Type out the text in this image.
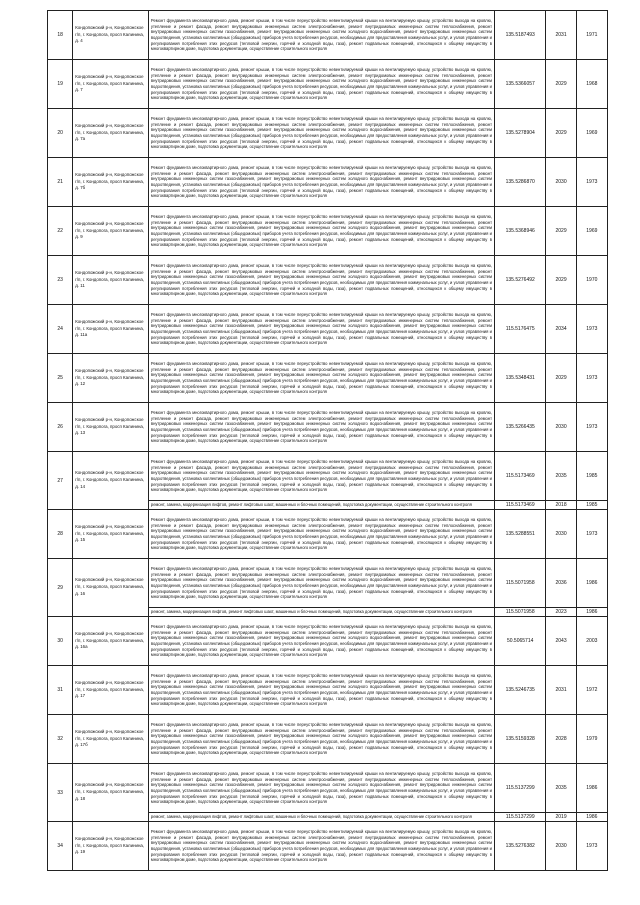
18	Кондопожский р-н, Кондопожское г/п, г. Кондопога, просп Калинина, д. 4	Ремонт фундамента многоквартирного дома, ремонт крыши, в том числе переустройство невентилируемой крыши на вентилируемую крышу, устройство выхода на кровлю, утепление и ремонт фасада, ремонт внутридомовых инженерных систем электроснабжения, ремонт внутридомовых инженерных систем теплоснабжения, ремонт внутридомовых инженерных систем газоснабжения, ремонт внутридомовых инженерных систем холодного водоснабжения, ремонт внутридомовых инженерных систем водоотведения, установка коллективных (общедомовых) приборов учета потребления ресурсов, необходимых для предоставления коммунальных услуг, и узлов управления и регулирования потребления этих ресурсов (тепловой энергии, горячей и холодной воды, газа), ремонт подвальных помещений, относящихся к общему имуществу в многоквартирном доме, подготовка документации, осуществление строительного контроля	135.5187493	2031	1971

19	Кондопожский р-н, Кондопожское г/п, г. Кондопога, просп Калинина, д. 7	Ремонт фундамента многоквартирного дома, ремонт крыши, в том числе переустройство невентилируемой крыши на вентилируемую крышу, устройство выхода на кровлю, утепление и ремонт фасада, ремонт внутридомовых инженерных систем электроснабжения, ремонт внутридомовых инженерных систем теплоснабжения, ремонт внутридомовых инженерных систем газоснабжения, ремонт внутридомовых инженерных систем холодного водоснабжения, ремонт внутридомовых инженерных систем водоотведения, установка коллективных (общедомовых) приборов учета потребления ресурсов, необходимых для предоставления коммунальных услуг, и узлов управления и регулирования потребления этих ресурсов (тепловой энергии, горячей и холодной воды, газа), ремонт подвальных помещений, относящихся к общему имуществу в многоквартирном доме, подготовка документации, осуществление строительного контроля	135.5366057	2029	1968

20	Кондопожский р-н, Кондопожское г/п, г. Кондопога, просп Калинина, д. 7а	Ремонт фундамента многоквартирного дома, ремонт крыши, в том числе переустройство невентилируемой крыши на вентилируемую крышу, устройство выхода на кровлю, утепление и ремонт фасада, ремонт внутридомовых инженерных систем электроснабжения, ремонт внутридомовых инженерных систем теплоснабжения, ремонт внутридомовых инженерных систем газоснабжения, ремонт внутридомовых инженерных систем холодного водоснабжения, ремонт внутридомовых инженерных систем водоотведения, установка коллективных (общедомовых) приборов учета потребления ресурсов, необходимых для предоставления коммунальных услуг, и узлов управления и регулирования потребления этих ресурсов (тепловой энергии, горячей и холодной воды, газа), ремонт подвальных помещений, относящихся к общему имуществу в многоквартирном доме, подготовка документации, осуществление строительного контроля	135.5278904	2029	1969

21	Кондопожский р-н, Кондопожское г/п, г. Кондопога, просп Калинина, д. 7б	Ремонт фундамента многоквартирного дома, ремонт крыши, в том числе переустройство невентилируемой крыши на вентилируемую крышу, устройство выхода на кровлю, утепление и ремонт фасада, ремонт внутридомовых инженерных систем электроснабжения, ремонт внутридомовых инженерных систем теплоснабжения, ремонт внутридомовых инженерных систем газоснабжения, ремонт внутридомовых инженерных систем холодного водоснабжения, ремонт внутридомовых инженерных систем водоотведения, установка коллективных (общедомовых) приборов учета потребления ресурсов, необходимых для предоставления коммунальных услуг, и узлов управления и регулирования потребления этих ресурсов (тепловой энергии, горячей и холодной воды, газа), ремонт подвальных помещений, относящихся к общему имуществу в многоквартирном доме, подготовка документации, осуществление строительного контроля	135.5286870	2030	1973

22	Кондопожский р-н, Кондопожское г/п, г. Кондопога, просп Калинина, д. 9	Ремонт фундамента многоквартирного дома, ремонт крыши, в том числе переустройство невентилируемой крыши на вентилируемую крышу, устройство выхода на кровлю, утепление и ремонт фасада, ремонт внутридомовых инженерных систем электроснабжения, ремонт внутридомовых инженерных систем теплоснабжения, ремонт внутридомовых инженерных систем газоснабжения, ремонт внутридомовых инженерных систем холодного водоснабжения, ремонт внутридомовых инженерных систем водоотведения, установка коллективных (общедомовых) приборов учета потребления ресурсов, необходимых для предоставления коммунальных услуг, и узлов управления и регулирования потребления этих ресурсов (тепловой энергии, горячей и холодной воды, газа), ремонт подвальных помещений, относящихся к общему имуществу в многоквартирном доме, подготовка документации, осуществление строительного контроля	135.5368946	2029	1969

23	Кондопожский р-н, Кондопожское г/п, г. Кондопога, просп Калинина, д. 11	Ремонт фундамента многоквартирного дома, ремонт крыши, в том числе переустройство невентилируемой крыши на вентилируемую крышу, устройство выхода на кровлю, утепление и ремонт фасада, ремонт внутридомовых инженерных систем электроснабжения, ремонт внутридомовых инженерных систем теплоснабжения, ремонт внутридомовых инженерных систем газоснабжения, ремонт внутридомовых инженерных систем холодного водоснабжения, ремонт внутридомовых инженерных систем водоотведения, установка коллективных (общедомовых) приборов учета потребления ресурсов, необходимых для предоставления коммунальных услуг, и узлов управления и регулирования потребления этих ресурсов (тепловой энергии, горячей и холодной воды, газа), ремонт подвальных помещений, относящихся к общему имуществу в многоквартирном доме, подготовка документации, осуществление строительного контроля	135.5276492	2029	1970

24	Кондопожский р-н, Кондопожское г/п, г. Кондопога, просп Калинина, д. 11а	Ремонт фундамента многоквартирного дома, ремонт крыши, в том числе переустройство невентилируемой крыши на вентилируемую крышу, устройство выхода на кровлю, утепление и ремонт фасада, ремонт внутридомовых инженерных систем электроснабжения, ремонт внутридомовых инженерных систем теплоснабжения, ремонт внутридомовых инженерных систем газоснабжения, ремонт внутридомовых инженерных систем холодного водоснабжения, ремонт внутридомовых инженерных систем водоотведения, установка коллективных (общедомовых) приборов учета потребления ресурсов, необходимых для предоставления коммунальных услуг, и узлов управления и регулирования потребления этих ресурсов (тепловой энергии, горячей и холодной воды, газа), ремонт подвальных помещений, относящихся к общему имуществу в многоквартирном доме, подготовка документации, осуществление строительного контроля	115.5176475	2034	1973

25	Кондопожский р-н, Кондопожское г/п, г. Кондопога, просп Калинина, д. 12	Ремонт фундамента многоквартирного дома, ремонт крыши, в том числе переустройство невентилируемой крыши на вентилируемую крышу, устройство выхода на кровлю, утепление и ремонт фасада, ремонт внутридомовых инженерных систем электроснабжения, ремонт внутридомовых инженерных систем теплоснабжения, ремонт внутридомовых инженерных систем газоснабжения, ремонт внутридомовых инженерных систем холодного водоснабжения, ремонт внутридомовых инженерных систем водоотведения, установка коллективных (общедомовых) приборов учета потребления ресурсов, необходимых для предоставления коммунальных услуг, и узлов управления и регулирования потребления этих ресурсов (тепловой энергии, горячей и холодной воды, газа), ремонт подвальных помещений, относящихся к общему имуществу в многоквартирном доме, подготовка документации, осуществление строительного контроля	135.5348431	2029	1973

26	Кондопожский р-н, Кондопожское г/п, г. Кондопога, просп Калинина, д. 13	Ремонт фундамента многоквартирного дома, ремонт крыши, в том числе переустройство невентилируемой крыши на вентилируемую крышу, устройство выхода на кровлю, утепление и ремонт фасада, ремонт внутридомовых инженерных систем электроснабжения, ремонт внутридомовых инженерных систем теплоснабжения, ремонт внутридомовых инженерных систем газоснабжения, ремонт внутридомовых инженерных систем холодного водоснабжения, ремонт внутридомовых инженерных систем водоотведения, установка коллективных (общедомовых) приборов учета потребления ресурсов, необходимых для предоставления коммунальных услуг, и узлов управления и регулирования потребления этих ресурсов (тепловой энергии, горячей и холодной воды, газа), ремонт подвальных помещений, относящихся к общему имуществу в многоквартирном доме, подготовка документации, осуществление строительного контроля	135.5266435	2030	1973

27	Кондопожский р-н, Кондопожское г/п, г. Кондопога, просп Калинина, д. 14	Ремонт фундамента многоквартирного дома, ремонт крыши, в том числе переустройство невентилируемой крыши на вентилируемую крышу, устройство выхода на кровлю, утепление и ремонт фасада, ремонт внутридомовых инженерных систем электроснабжения, ремонт внутридомовых инженерных систем теплоснабжения, ремонт внутридомовых инженерных систем газоснабжения, ремонт внутридомовых инженерных систем холодного водоснабжения, ремонт внутридомовых инженерных систем водоотведения, установка коллективных (общедомовых) приборов учета потребления ресурсов, необходимых для предоставления коммунальных услуг, и узлов управления и регулирования потребления этих ресурсов (тепловой энергии, горячей и холодной воды, газа), ремонт подвальных помещений, относящихся к общему имуществу в многоквартирном доме, подготовка документации, осуществление строительного контроля	115.5173469	2035	1985

		ремонт, замена, модернизация лифтов, ремонт лифтовых шахт, машинных и блочных помещений, подготовка документации, осуществление строительного контроля	115.5173469	2018	1985

28	Кондопожский р-н, Кондопожское г/п, г. Кондопога, просп Калинина, д. 15	Ремонт фундамента многоквартирного дома, ремонт крыши, в том числе переустройство невентилируемой крыши на вентилируемую крышу, устройство выхода на кровлю, утепление и ремонт фасада, ремонт внутридомовых инженерных систем электроснабжения, ремонт внутридомовых инженерных систем теплоснабжения, ремонт внутридомовых инженерных систем газоснабжения, ремонт внутридомовых инженерных систем холодного водоснабжения, ремонт внутридомовых инженерных систем водоотведения, установка коллективных (общедомовых) приборов учета потребления ресурсов, необходимых для предоставления коммунальных услуг, и узлов управления и регулирования потребления этих ресурсов (тепловой энергии, горячей и холодной воды, газа), ремонт подвальных помещений, относящихся к общему имуществу в многоквартирном доме, подготовка документации, осуществление строительного контроля	135.5288551	2030	1973

29	Кондопожский р-н, Кондопожское г/п, г. Кондопога, просп Калинина, д. 16	Ремонт фундамента многоквартирного дома, ремонт крыши, в том числе переустройство невентилируемой крыши на вентилируемую крышу, устройство выхода на кровлю, утепление и ремонт фасада, ремонт внутридомовых инженерных систем электроснабжения, ремонт внутридомовых инженерных систем теплоснабжения, ремонт внутридомовых инженерных систем газоснабжения, ремонт внутридомовых инженерных систем холодного водоснабжения, ремонт внутридомовых инженерных систем водоотведения, установка коллективных (общедомовых) приборов учета потребления ресурсов, необходимых для предоставления коммунальных услуг, и узлов управления и регулирования потребления этих ресурсов (тепловой энергии, горячей и холодной воды, газа), ремонт подвальных помещений, относящихся к общему имуществу в многоквартирном доме, подготовка документации, осуществление строительного контроля	115.5071958	2036	1986

		ремонт, замена, модернизация лифтов, ремонт лифтовых шахт, машинных и блочных помещений, подготовка документации, осуществление строительного контроля	115.5071958	2023	1986

30	Кондопожский р-н, Кондопожское г/п, г. Кондопога, просп Калинина, д. 16а	Ремонт фундамента многоквартирного дома, ремонт крыши, в том числе переустройство невентилируемой крыши на вентилируемую крышу, устройство выхода на кровлю, утепление и ремонт фасада, ремонт внутридомовых инженерных систем электроснабжения, ремонт внутридомовых инженерных систем теплоснабжения, ремонт внутридомовых инженерных систем газоснабжения, ремонт внутридомовых инженерных систем холодного водоснабжения, ремонт внутридомовых инженерных систем водоотведения, установка коллективных (общедомовых) приборов учета потребления ресурсов, необходимых для предоставления коммунальных услуг, и узлов управления и регулирования потребления этих ресурсов (тепловой энергии, горячей и холодной воды, газа), ремонт подвальных помещений, относящихся к общему имуществу в многоквартирном доме, подготовка документации, осуществление строительного контроля	50.5065714	2043	2003

31	Кондопожский р-н, Кондопожское г/п, г. Кондопога, просп Калинина, д. 17	Ремонт фундамента многоквартирного дома, ремонт крыши, в том числе переустройство невентилируемой крыши на вентилируемую крышу, устройство выхода на кровлю, утепление и ремонт фасада, ремонт внутридомовых инженерных систем электроснабжения, ремонт внутридомовых инженерных систем теплоснабжения, ремонт внутридомовых инженерных систем газоснабжения, ремонт внутридомовых инженерных систем холодного водоснабжения, ремонт внутридомовых инженерных систем водоотведения, установка коллективных (общедомовых) приборов учета потребления ресурсов, необходимых для предоставления коммунальных услуг, и узлов управления и регулирования потребления этих ресурсов (тепловой энергии, горячей и холодной воды, газа), ремонт подвальных помещений, относящихся к общему имуществу в многоквартирном доме, подготовка документации, осуществление строительного контроля	135.5246735	2031	1972

32	Кондопожский р-н, Кондопожское г/п, г. Кондопога, просп Калинина, д. 17б	Ремонт фундамента многоквартирного дома, ремонт крыши, в том числе переустройство невентилируемой крыши на вентилируемую крышу, устройство выхода на кровлю, утепление и ремонт фасада, ремонт внутридомовых инженерных систем электроснабжения, ремонт внутридомовых инженерных систем теплоснабжения, ремонт внутридомовых инженерных систем газоснабжения, ремонт внутридомовых инженерных систем холодного водоснабжения, ремонт внутридомовых инженерных систем водоотведения, установка коллективных (общедомовых) приборов учета потребления ресурсов, необходимых для предоставления коммунальных услуг, и узлов управления и регулирования потребления этих ресурсов (тепловой энергии, горячей и холодной воды, газа), ремонт подвальных помещений, относящихся к общему имуществу в многоквартирном доме, подготовка документации, осуществление строительного контроля	135.5159328	2028	1979

33	Кондопожский р-н, Кондопожское г/п, г. Кондопога, просп Калинина, д. 18	Ремонт фундамента многоквартирного дома, ремонт крыши, в том числе переустройство невентилируемой крыши на вентилируемую крышу, устройство выхода на кровлю, утепление и ремонт фасада, ремонт внутридомовых инженерных систем электроснабжения, ремонт внутридомовых инженерных систем теплоснабжения, ремонт внутридомовых инженерных систем газоснабжения, ремонт внутридомовых инженерных систем холодного водоснабжения, ремонт внутридомовых инженерных систем водоотведения, установка коллективных (общедомовых) приборов учета потребления ресурсов, необходимых для предоставления коммунальных услуг, и узлов управления и регулирования потребления этих ресурсов (тепловой энергии, горячей и холодной воды, газа), ремонт подвальных помещений, относящихся к общему имуществу в многоквартирном доме, подготовка документации, осуществление строительного контроля	115.5137299	2035	1986

		ремонт, замена, модернизация лифтов, ремонт лифтовых шахт, машинных и блочных помещений, подготовка документации, осуществление строительного контроля	115.5137299	2019	1986

34	Кондопожский р-н, Кондопожское г/п, г. Кондопога, просп Калинина, д. 19	Ремонт фундамента многоквартирного дома, ремонт крыши, в том числе переустройство невентилируемой крыши на вентилируемую крышу, устройство выхода на кровлю, утепление и ремонт фасада, ремонт внутридомовых инженерных систем электроснабжения, ремонт внутридомовых инженерных систем теплоснабжения, ремонт внутридомовых инженерных систем газоснабжения, ремонт внутридомовых инженерных систем холодного водоснабжения, ремонт внутридомовых инженерных систем водоотведения, установка коллективных (общедомовых) приборов учета потребления ресурсов, необходимых для предоставления коммунальных услуг, и узлов управления и регулирования потребления этих ресурсов (тепловой энергии, горячей и холодной воды, газа), ремонт подвальных помещений, относящихся к общему имуществу в многоквартирном доме, подготовка документации, осуществление строительного контроля	135.5276382	2030	1973
